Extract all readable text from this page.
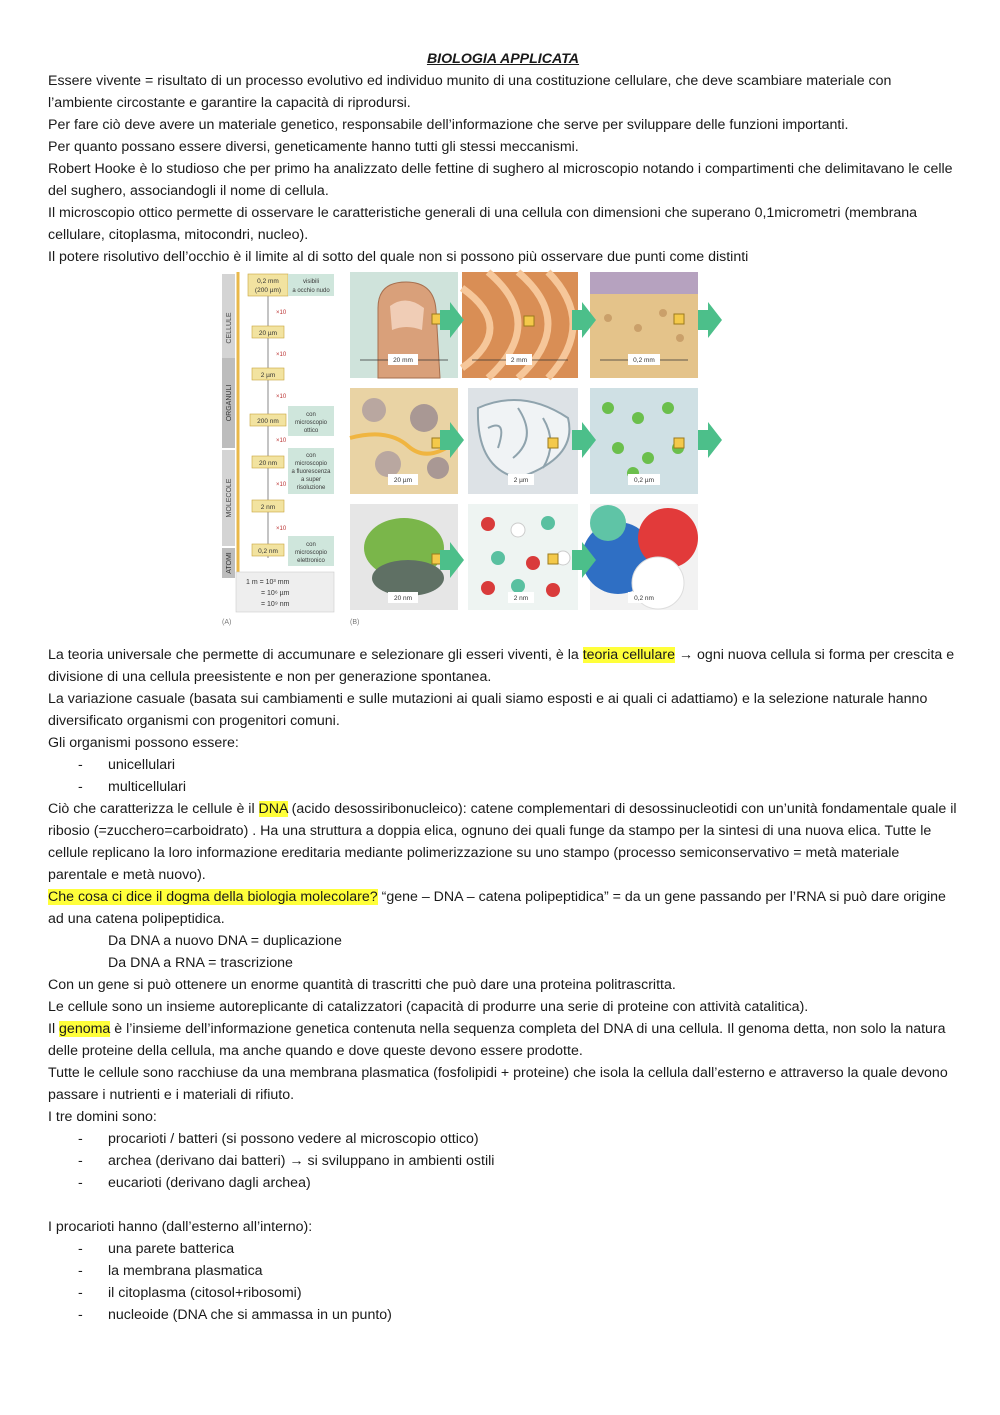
BIOLOGIA APPLICATA

Essere vivente = risultato di un processo evolutivo ed individuo munito di una costituzione cellulare, che deve scambiare materiale con l’ambiente circostante e garantire la capacità di riprodursi.

Per fare ciò deve avere un materiale genetico, responsabile dell’informazione che serve per sviluppare delle funzioni importanti.

Per quanto possano essere diversi, geneticamente hanno tutti gli stessi meccanismi.

Robert Hooke è lo studioso che per primo ha analizzato delle fettine di sughero al microscopio notando i compartimenti che delimitavano le celle del sughero, associandogli il nome di cellula.

Il microscopio ottico permette di osservare le caratteristiche generali di una cellula con dimensioni che superano 0,1micrometri (membrana cellulare, citoplasma, mitocondri, nucleo).

Il potere risolutivo dell’occhio è il limite al di sotto del quale non si possono più osservare due punti come distinti

CELLULE
ORGANULI
MOLECOLE
ATOMI
0,2 mm
(200 µm)
×10
20 µm
×10
2 µm
×10
200 nm
×10
20 nm
×10
2 nm
×10
0,2 nm
visibili
a occhio nudo
con
microscopio
ottico
con
microscopio
a fluorescenza
a super
risoluzione
con
microscopio
elettronico
1 m = 10³ mm
= 10⁶ µm
= 10⁹ nm
(A)	(B)
20 mm	2 mm	0,2 mm
20 µm	2 µm	0,2 µm
20 nm	2 nm	0,2 nm

La teoria universale che permette di accumunare e selezionare gli esseri viventi, è la teoria cellulare → ogni nuova cellula si forma per crescita e divisione di una cellula preesistente e non per generazione spontanea.

La variazione casuale (basata sui cambiamenti e sulle mutazioni ai quali siamo esposti e ai quali ci adattiamo) e la selezione naturale hanno diversificato organismi con progenitori comuni.

Gli organismi possono essere:

- unicellulari
- multicellulari

Ciò che caratterizza le cellule è il DNA (acido desossiribonucleico): catene complementari di desossinucleotidi con un’unità fondamentale quale il ribosio (=zucchero=carboidrato) . Ha una struttura a doppia elica, ognuno dei quali funge da stampo per la sintesi di una nuova elica. Tutte le cellule replicano la loro informazione ereditaria mediante polimerizzazione su uno stampo (processo semiconservativo = metà materiale parentale e metà nuovo).

Che cosa ci dice il dogma della biologia molecolare? “gene – DNA – catena polipeptidica” = da un gene passando per l’RNA si può dare origine ad una catena polipeptidica.

Da DNA a nuovo DNA = duplicazione
Da DNA a RNA = trascrizione

Con un gene si può ottenere un enorme quantità di trascritti che può dare una proteina politrascritta.

Le cellule sono un insieme autoreplicante di catalizzatori (capacità di produrre una serie di proteine con attività catalitica).

Il genoma è l’insieme dell’informazione genetica contenuta nella sequenza completa del DNA di una cellula. Il genoma detta, non solo la natura delle proteine della cellula, ma anche quando e dove queste devono essere prodotte.

Tutte le cellule sono racchiuse da una membrana plasmatica (fosfolipidi + proteine) che isola la cellula dall’esterno e attraverso la quale devono passare i nutrienti e i materiali di rifiuto.

I tre domini sono:

- procarioti / batteri (si possono vedere al microscopio ottico)
- archea (derivano dai batteri) → si sviluppano in ambienti ostili
- eucarioti (derivano dagli archea)

I procarioti hanno (dall’esterno all’interno):

- una parete batterica
- la membrana plasmatica
- il citoplasma (citosol+ribosomi)
- nucleoide (DNA che si ammassa in un punto)
